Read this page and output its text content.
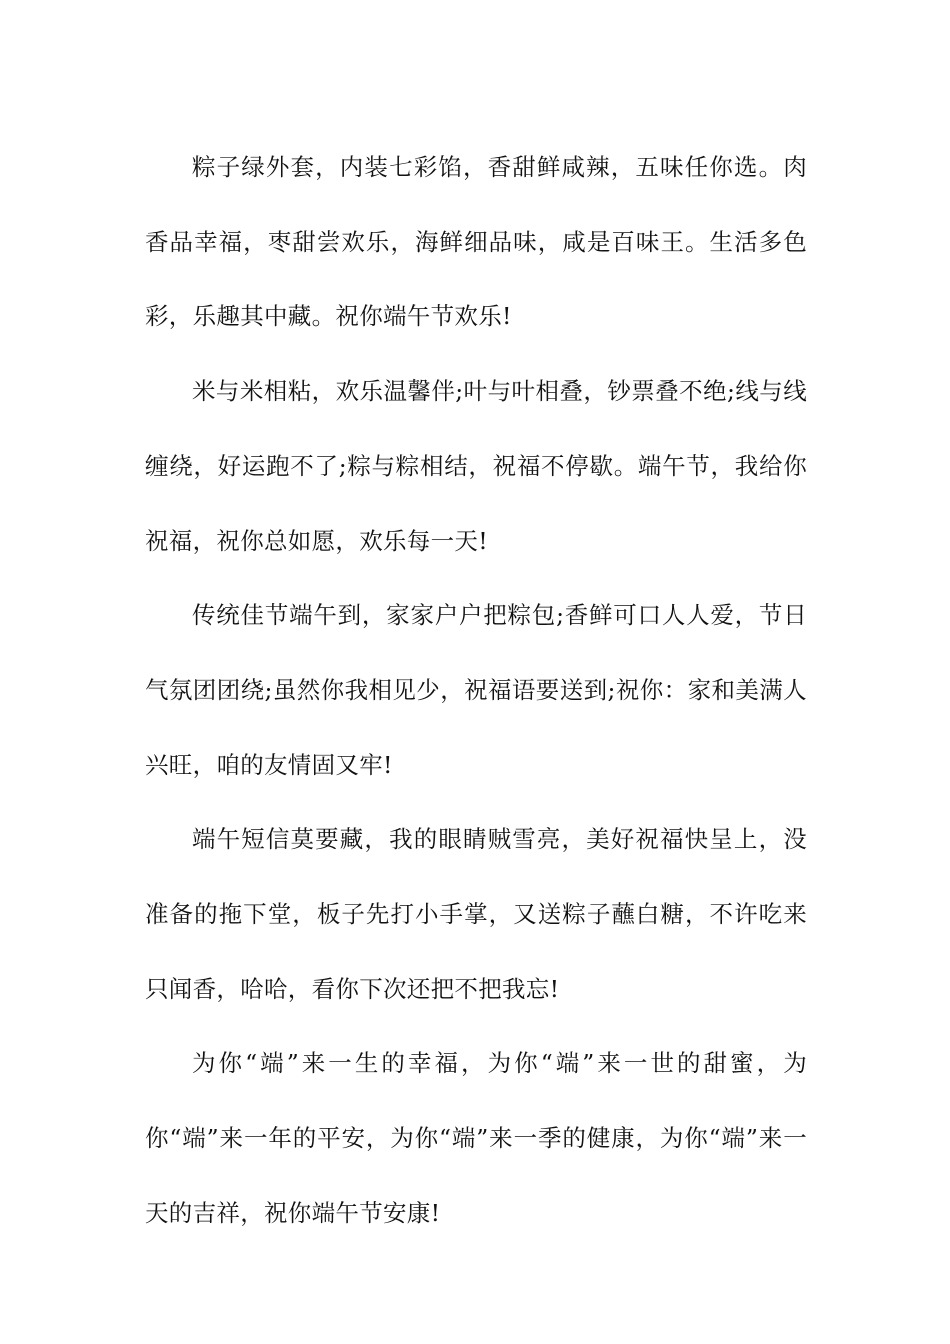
粽子绿外套，内装七彩馅，香甜鲜咸辣，五味任你选。肉香品幸福，枣甜尝欢乐，海鲜细品味，咸是百味王。生活多色彩，乐趣其中藏。祝你端午节欢乐!

米与米相粘，欢乐温馨伴;叶与叶相叠，钞票叠不绝;线与线缠绕，好运跑不了;粽与粽相结，祝福不停歇。端午节，我给你祝福，祝你总如愿，欢乐每一天!

传统佳节端午到，家家户户把粽包;香鲜可口人人爱，节日气氛团团绕;虽然你我相见少，祝福语要送到;祝你：家和美满人兴旺，咱的友情固又牢!

端午短信莫要藏，我的眼睛贼雪亮，美好祝福快呈上，没准备的拖下堂，板子先打小手掌，又送粽子蘸白糖，不许吃来只闻香，哈哈，看你下次还把不把我忘!

为你“端”来一生的幸福，为你“端”来一世的甜蜜，为你“端”来一年的平安，为你“端”来一季的健康，为你“端”来一天的吉祥，祝你端午节安康!
